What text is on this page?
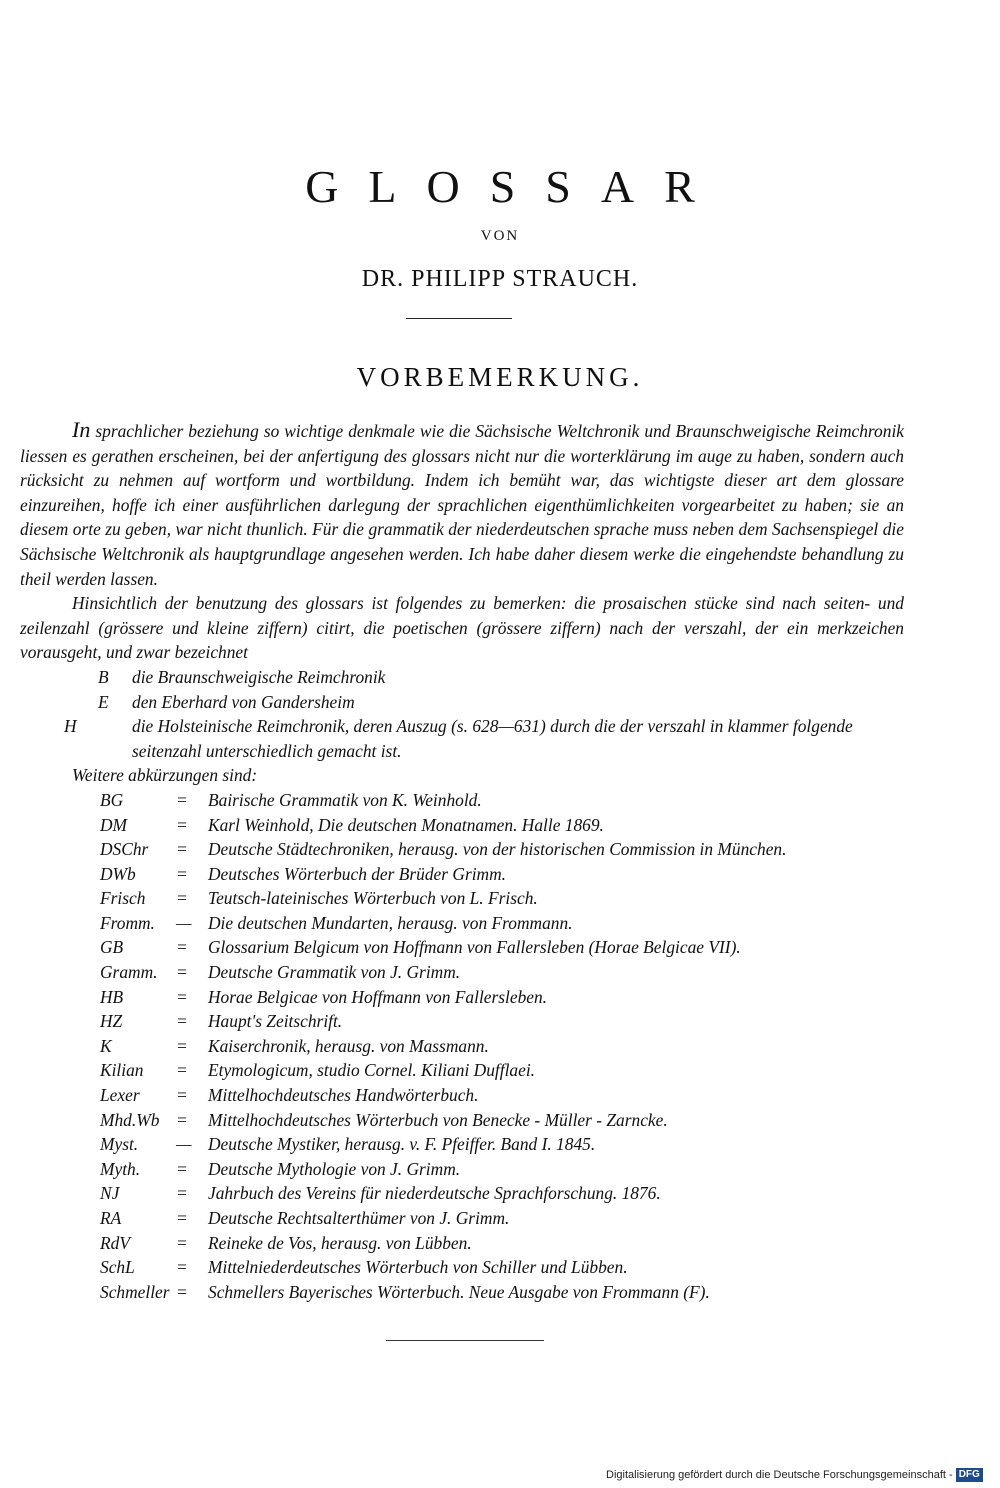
GLOSSAR
VON
DR. PHILIPP STRAUCH.
VORBEMERKUNG.

In sprachlicher beziehung so wichtige denkmale wie die Sächsische Weltchronik und Braunschweigische Reimchronik liessen es gerathen erscheinen, bei der anfertigung des glossars nicht nur die worterklärung im auge zu haben, sondern auch rücksicht zu nehmen auf wortform und wortbildung. Indem ich bemüht war, das wichtigste dieser art dem glossare einzureihen, hoffe ich einer ausführlichen darlegung der sprachlichen eigenthümlichkeiten vorgearbeitet zu haben; sie an diesem orte zu geben, war nicht thunlich. Für die grammatik der niederdeutschen sprache muss neben dem Sachsenspiegel die Sächsische Weltchronik als hauptgrundlage angesehen werden. Ich habe daher diesem werke die eingehendste behandlung zu theil werden lassen.

Hinsichtlich der benutzung des glossars ist folgendes zu bemerken: die prosaischen stücke sind nach seiten- und zeilenzahl (grössere und kleine ziffern) citirt, die poetischen (grössere ziffern) nach der verszahl, der ein merkzeichen vorausgeht, und zwar bezeichnet

B die Braunschweigische Reimchronik
E den Eberhard von Gandersheim
H	die Holsteinische Reimchronik, deren Auszug (s. 628—631) durch die der verszahl in klammer folgende seitenzahl unterschiedlich gemacht ist.

Weitere abkürzungen sind:

BG	= Bairische Grammatik von K. Weinhold.
DM	= Karl Weinhold, Die deutschen Monatnamen. Halle 1869.
DSChr = Deutsche Städtechroniken, herausg. von der historischen Commission in München.
DWb = Deutsches Wörterbuch der Brüder Grimm.
Frisch = Teutsch-lateinisches Wörterbuch von L. Frisch.
Fromm. — Die deutschen Mundarten, herausg. von Frommann.
GB	= Glossarium Belgicum von Hoffmann von Fallersleben (Horae Belgicae VII).
Gramm. = Deutsche Grammatik von J. Grimm.
HB	= Horae Belgicae von Hoffmann von Fallersleben.
HZ	= Haupt's Zeitschrift.
K	= Kaiserchronik, herausg. von Massmann.
Kilian = Etymologicum, studio Cornel. Kiliani Dufflaei.
Lexer = Mittelhochdeutsches Handwörterbuch.
Mhd.Wb = Mittelhochdeutsches Wörterbuch von Benecke - Müller - Zarncke.
Myst. — Deutsche Mystiker, herausg. v. F. Pfeiffer. Band I. 1845.
Myth. = Deutsche Mythologie von J. Grimm.
NJ	= Jahrbuch des Vereins für niederdeutsche Sprachforschung. 1876.
RA	= Deutsche Rechtsalterthümer von J. Grimm.
RdV	= Reineke de Vos, herausg. von Lübben.
SchL = Mittelniederdeutsches Wörterbuch von Schiller und Lübben.
Schmeller = Schmellers Bayerisches Wörterbuch. Neue Ausgabe von Frommann (F).
Digitalisierung gefördert durch die Deutsche Forschungsgemeinschaft - DFG
